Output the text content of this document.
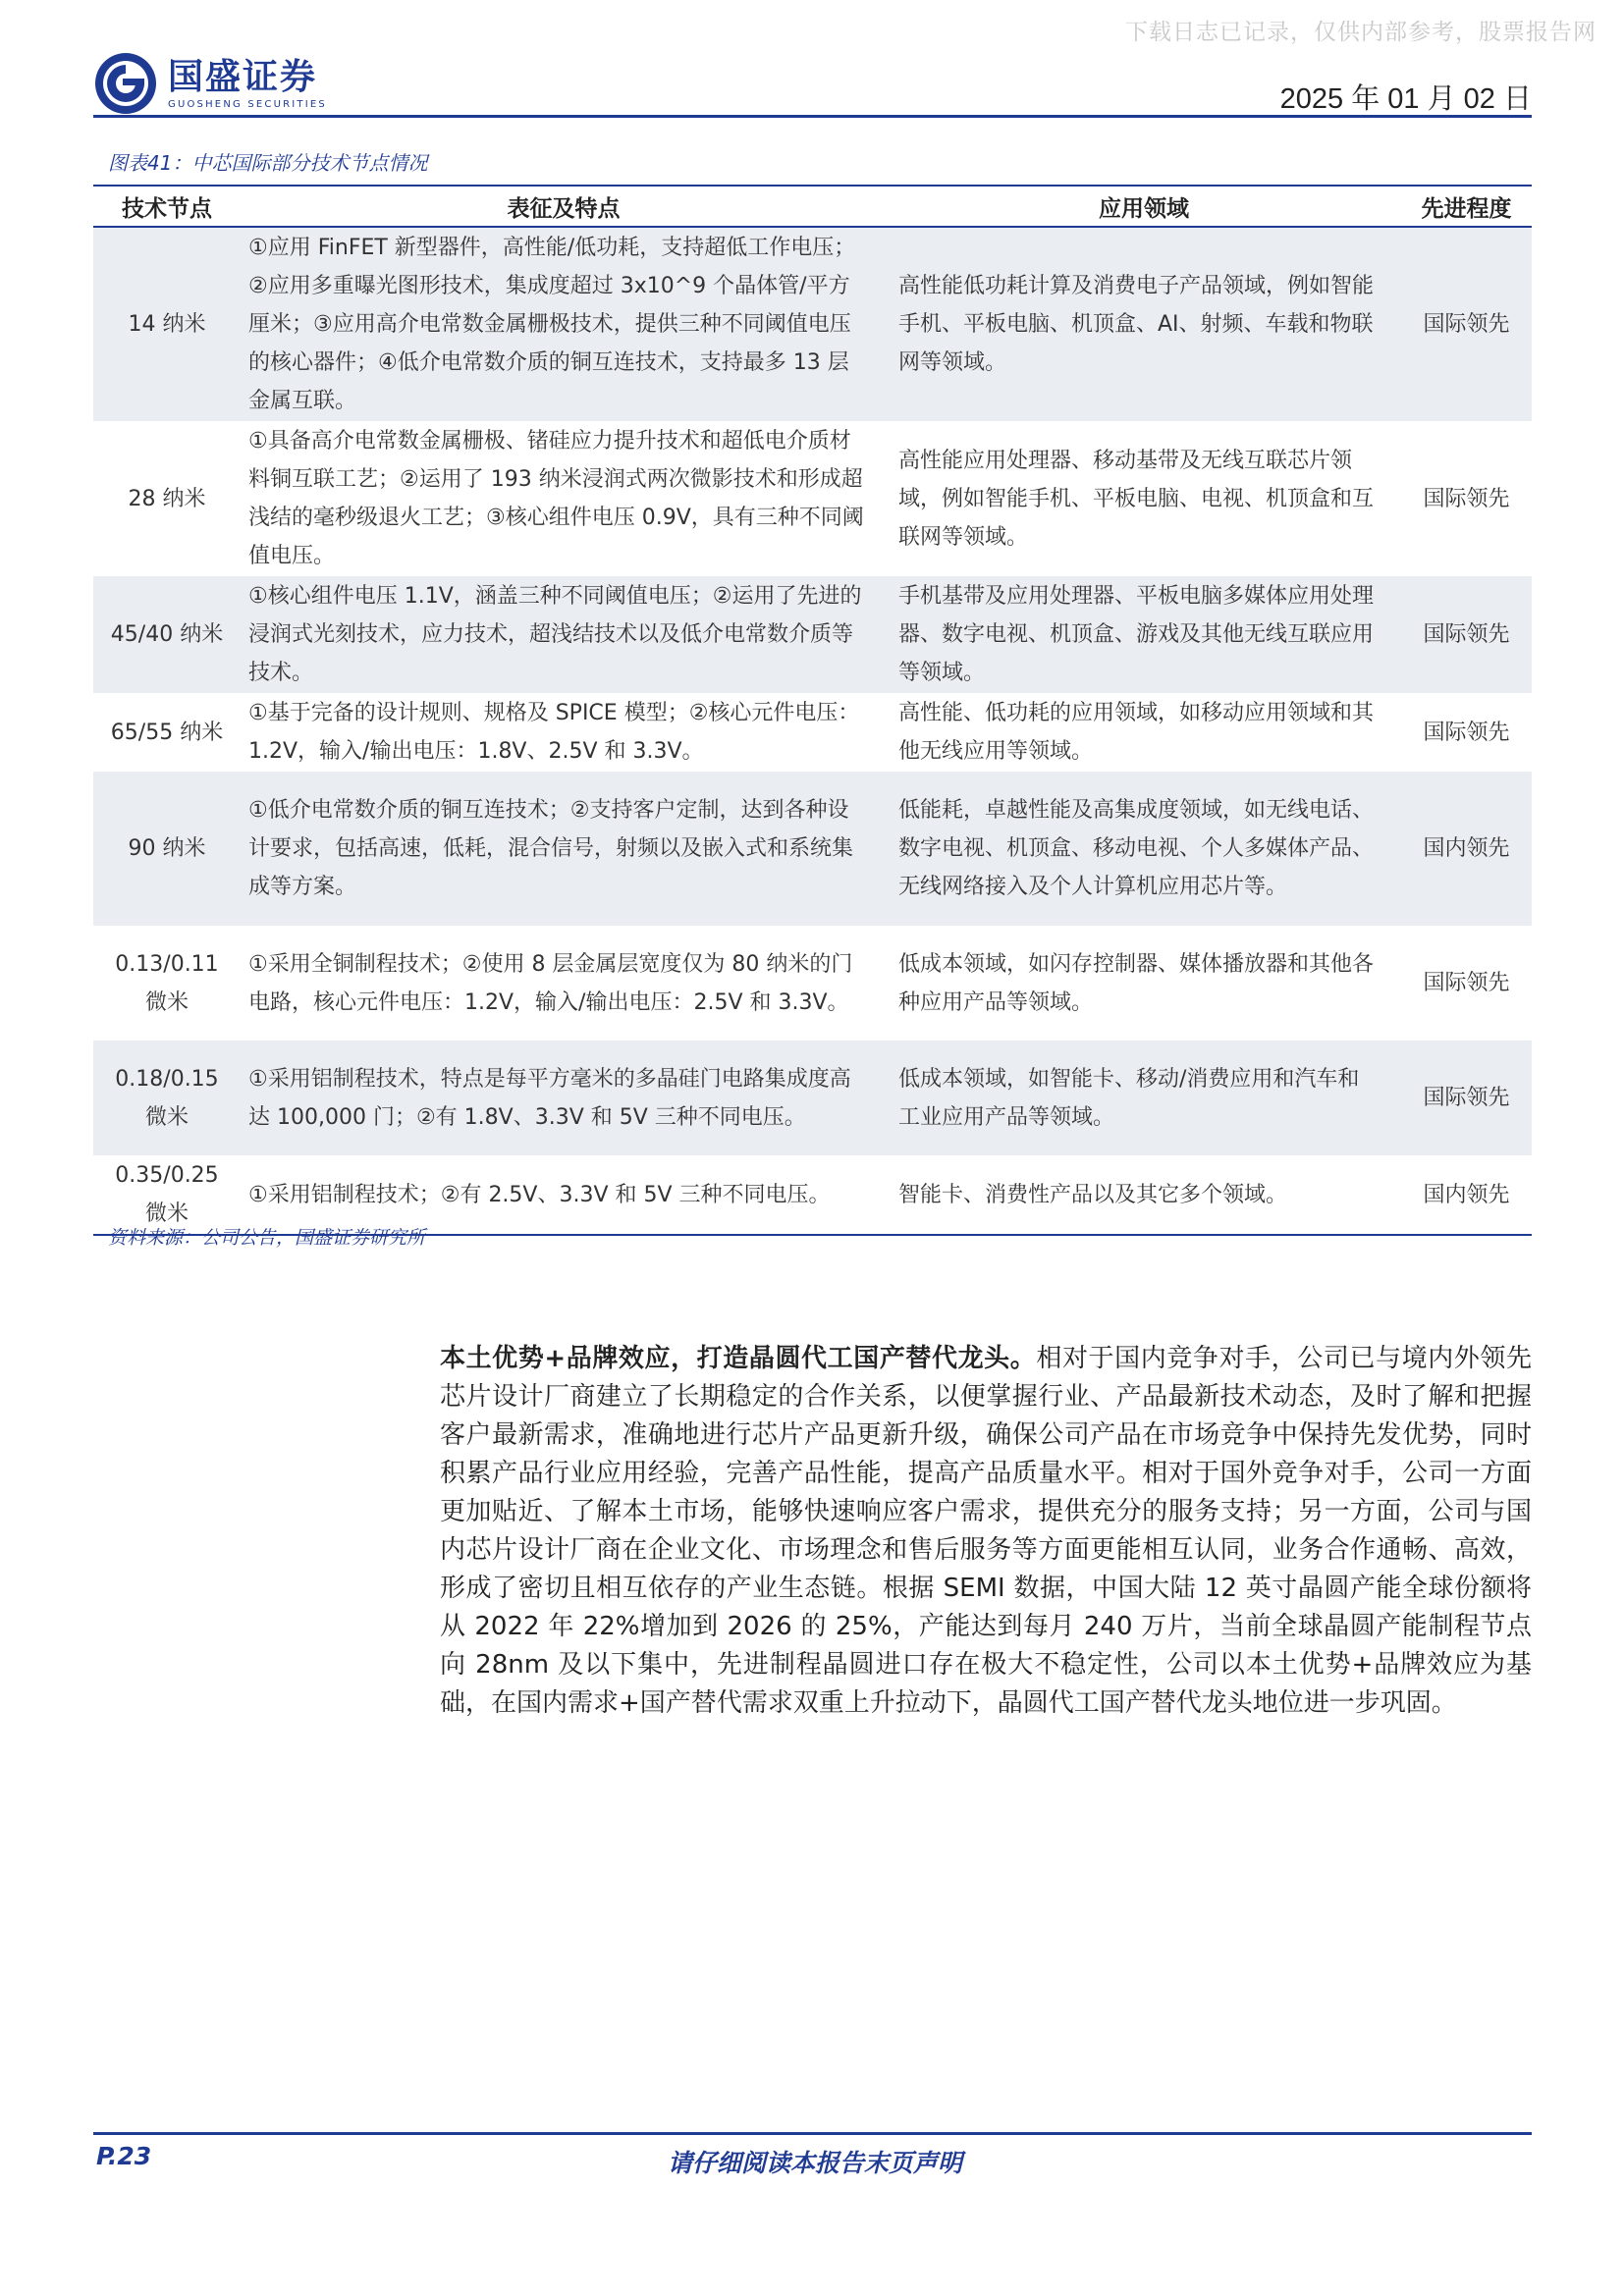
下载日志已记录，仅供内部参考，股票报告网
国盛证券
GUOSHENG SECURITIES	2025 年 01 月 02 日
图表41：中芯国际部分技术节点情况
技术节点	表征及特点	应用领域	先进程度
14 纳米	①应用 FinFET 新型器件，高性能/低功耗，支持超低工作电压；②应用多重曝光图形技术，集成度超过 3x10^9 个晶体管/平方厘米；③应用高介电常数金属栅极技术，提供三种不同阈值电压的核心器件；④低介电常数介质的铜互连技术，支持最多 13 层金属互联。	高性能低功耗计算及消费电子产品领域，例如智能手机、平板电脑、机顶盒、AI、射频、车载和物联网等领域。	国际领先
28 纳米	①具备高介电常数金属栅极、锗硅应力提升技术和超低电介质材料铜互联工艺；②运用了 193 纳米浸润式两次微影技术和形成超浅结的毫秒级退火工艺；③核心组件电压 0.9V，具有三种不同阈值电压。	高性能应用处理器、移动基带及无线互联芯片领域，例如智能手机、平板电脑、电视、机顶盒和互联网等领域。	国际领先
45/40 纳米	①核心组件电压 1.1V，涵盖三种不同阈值电压；②运用了先进的浸润式光刻技术，应力技术，超浅结技术以及低介电常数介质等技术。	手机基带及应用处理器、平板电脑多媒体应用处理器、数字电视、机顶盒、游戏及其他无线互联应用等领域。	国际领先
65/55 纳米	①基于完备的设计规则、规格及 SPICE 模型；②核心元件电压：1.2V，输入/输出电压：1.8V、2.5V 和 3.3V。	高性能、低功耗的应用领域，如移动应用领域和其他无线应用等领域。	国际领先
90 纳米	①低介电常数介质的铜互连技术；②支持客户定制，达到各种设计要求，包括高速，低耗，混合信号，射频以及嵌入式和系统集成等方案。	低能耗，卓越性能及高集成度领域，如无线电话、数字电视、机顶盒、移动电视、个人多媒体产品、无线网络接入及个人计算机应用芯片等。	国内领先
0.13/0.11 微米	①采用全铜制程技术；②使用 8 层金属层宽度仅为 80 纳米的门电路，核心元件电压：1.2V，输入/输出电压：2.5V 和 3.3V。	低成本领域，如闪存控制器、媒体播放器和其他各种应用产品等领域。	国际领先
0.18/0.15 微米	①采用铝制程技术，特点是每平方毫米的多晶硅门电路集成度高达 100,000 门；②有 1.8V、3.3V 和 5V 三种不同电压。	低成本领域，如智能卡、移动/消费应用和汽车和工业应用产品等领域。	国际领先
0.35/0.25 微米	①采用铝制程技术；②有 2.5V、3.3V 和 5V 三种不同电压。	智能卡、消费性产品以及其它多个领域。	国内领先
资料来源：公司公告，国盛证券研究所
本土优势+品牌效应，打造晶圆代工国产替代龙头。相对于国内竞争对手，公司已与境内外领先芯片设计厂商建立了长期稳定的合作关系，以便掌握行业、产品最新技术动态，及时了解和把握客户最新需求，准确地进行芯片产品更新升级，确保公司产品在市场竞争中保持先发优势，同时积累产品行业应用经验，完善产品性能，提高产品质量水平。相对于国外竞争对手，公司一方面更加贴近、了解本土市场，能够快速响应客户需求，提供充分的服务支持；另一方面，公司与国内芯片设计厂商在企业文化、市场理念和售后服务等方面更能相互认同，业务合作通畅、高效，形成了密切且相互依存的产业生态链。根据 SEMI 数据，中国大陆 12 英寸晶圆产能全球份额将从 2022 年 22%增加到 2026 的 25%，产能达到每月 240 万片，当前全球晶圆产能制程节点向 28nm 及以下集中，先进制程晶圆进口存在极大不稳定性，公司以本土优势+品牌效应为基础，在国内需求+国产替代需求双重上升拉动下，晶圆代工国产替代龙头地位进一步巩固。
P.23	请仔细阅读本报告末页声明
